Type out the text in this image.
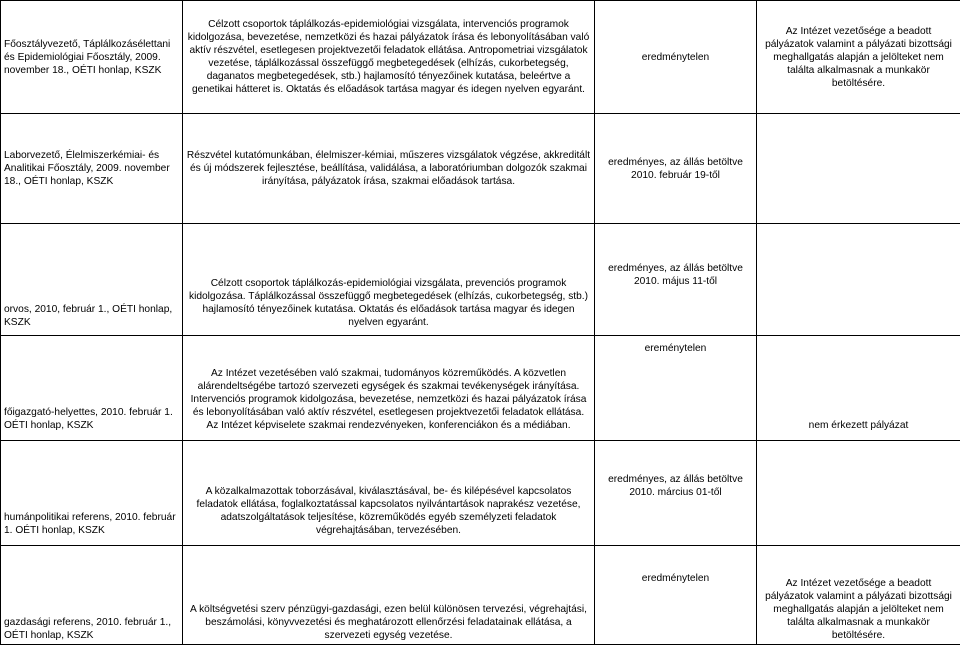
Főosztályvezető, Táplálkozásélettani és Epidemiológiai Főosztály, 2009. november 18., OÉTI honlap, KSZK	Célzott csoportok táplálkozás-epidemiológiai vizsgálata, intervenciós programok kidolgozása, bevezetése, nemzetközi és hazai pályázatok írása és lebonyolításában való aktív részvétel, esetlegesen projektvezetői feladatok ellátása. Antropometriai vizsgálatok vezetése, táplálkozással összefüggő megbetegedések (elhízás, cukorbetegség, daganatos megbetegedések, stb.) hajlamosító tényezőinek kutatása, beleértve a genetikai hátteret is. Oktatás és előadások tartása magyar és idegen nyelven egyaránt.	eredménytelen	Az Intézet vezetősége a beadott pályázatok valamint a pályázati bizottsági meghallgatás alapján a jelölteket nem találta alkalmasnak a munkakör betöltésére.
Laborvezető, Élelmiszerkémiai- és Analitikai Főosztály, 2009. november 18., OÉTI honlap, KSZK	Részvétel kutatómunkában, élelmiszer-kémiai, műszeres vizsgálatok végzése, akkreditált és új módszerek fejlesztése, beállítása, validálása, a laboratóriumban dolgozók szakmai irányítása, pályázatok írása, szakmai előadások tartása.	eredményes, az állás betöltve 2010. február 19-től	
orvos, 2010, február 1., OÉTI honlap, KSZK	Célzott csoportok táplálkozás-epidemiológiai vizsgálata, prevenciós programok kidolgozása. Táplálkozással összefüggő megbetegedések (elhízás, cukorbetegség, stb.) hajlamosító tényezőinek kutatása. Oktatás és előadások tartása magyar és idegen nyelven egyaránt.	eredményes, az állás betöltve 2010. május 11-től	
főigazgató-helyettes, 2010. február 1. OÉTI honlap, KSZK	Az Intézet vezetésében való szakmai, tudományos közreműködés. A közvetlen alárendeltségébe tartozó szervezeti egységek és szakmai tevékenységek irányítása. Intervenciós programok kidolgozása, bevezetése, nemzetközi és hazai pályázatok írása és lebonyolításában való aktív részvétel, esetlegesen projektvezetői feladatok ellátása. Az Intézet képviselete szakmai rendezvényeken, konferenciákon és a médiában.	ereménytelen	nem érkezett pályázat
humánpolitikai referens, 2010. február 1. OÉTI honlap, KSZK	A közalkalmazottak toborzásával, kiválasztásával, be- és kilépésével kapcsolatos feladatok ellátása, foglalkoztatással kapcsolatos nyilvántartások naprakész vezetése, adatszolgáltatások teljesítése, közreműködés egyéb személyzeti feladatok végrehajtásában, tervezésében.	eredményes, az állás betöltve 2010. március 01-től	
gazdasági referens, 2010. február 1., OÉTI honlap, KSZK	A költségvetési szerv pénzügyi-gazdasági, ezen belül különösen tervezési, végrehajtási, beszámolási, könyvvezetési és meghatározott ellenőrzési feladatainak ellátása, a szervezeti egység vezetése.	eredménytelen	Az Intézet vezetősége a beadott pályázatok valamint a pályázati bizottsági meghallgatás alapján a jelölteket nem találta alkalmasnak a munkakör betöltésére.
